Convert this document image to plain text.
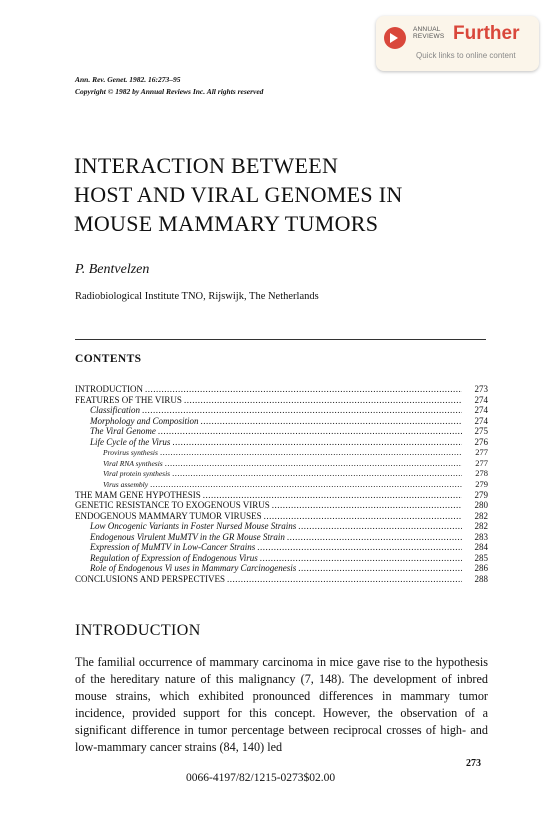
ANNUAL
REVIEWS Further
Quick links to online content
Ann. Rev. Genet. 1982. 16:273–95
Copyright © 1982 by Annual Reviews Inc. All rights reserved
INTERACTION BETWEEN
HOST AND VIRAL GENOMES IN
MOUSE MAMMARY TUMORS
P. Bentvelzen
Radiobiological Institute TNO, Rijswijk, The Netherlands
CONTENTS
INTRODUCTION .....	273
FEATURES OF THE VIRUS .....	274
Classification .....	274
Morphology and Composition .....	274
The Viral Genome .....	275
Life Cycle of the Virus .....	276
Provirus synthesis .....	277
Viral RNA synthesis .....	277
Viral protein synthesis .....	278
Virus assembly .....	279
THE MAM GENE HYPOTHESIS .....	279
GENETIC RESISTANCE TO EXOGENOUS VIRUS .....	280
ENDOGENOUS MAMMARY TUMOR VIRUSES .....	282
Low Oncogenic Variants in Foster Nursed Mouse Strains .....	282
Endogenous Virulent MuMTV in the GR Mouse Strain .....	283
Expression of MuMTV in Low-Cancer Strains .....	284
Regulation of Expression of Endogenous Virus .....	285
Role of Endogenous Vi uses in Mammary Carcinogenesis .....	286
CONCLUSIONS AND PERSPECTIVES .....	288
INTRODUCTION

The familial occurrence of mammary carcinoma in mice gave rise to the hypothesis of the hereditary nature of this malignancy (7, 148). The development of inbred mouse strains, which exhibited pronounced differences in mammary tumor incidence, provided support for this concept. However, the observation of a significant difference in tumor percentage between reciprocal crosses of high- and low-mammary cancer strains (84, 140) led

273
0066-4197/82/1215-0273$02.00
